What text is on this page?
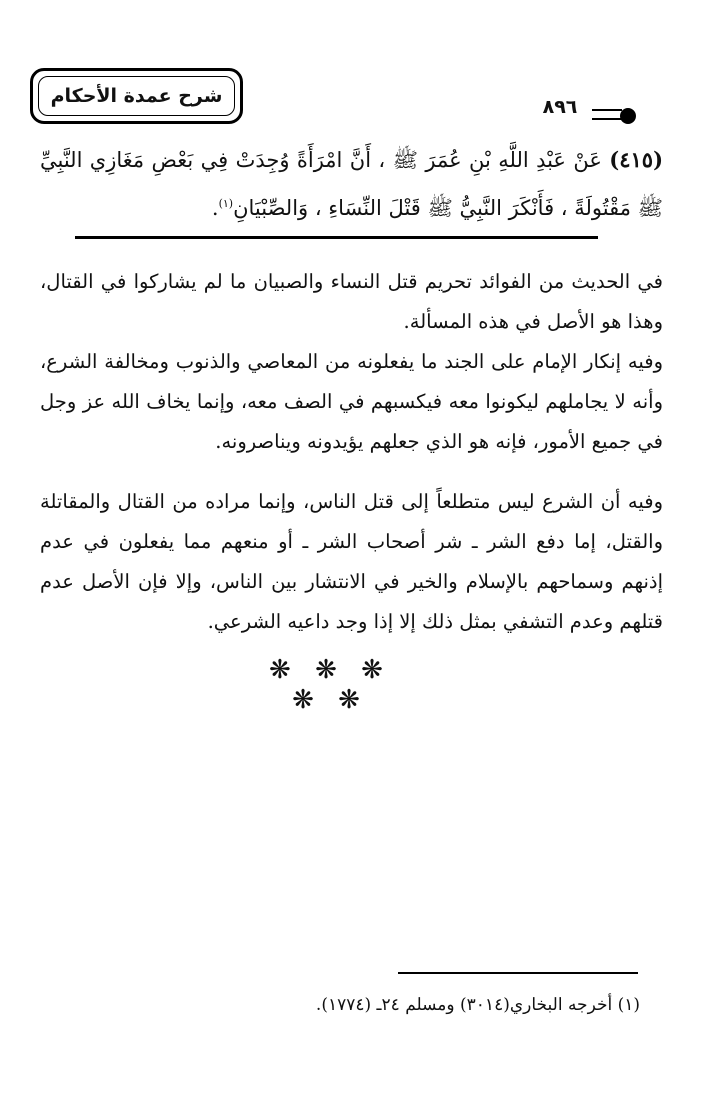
شرح عمدة الأحكام	٨٩٦
(٤١٥) عَنْ عَبْدِ اللَّهِ بْنِ عُمَرَ ﷺ ، أَنَّ امْرَأَةً وُجِدَتْ فِي بَعْضِ مَغَازِي النَّبِيِّ ﷺ مَقْتُولَةً ، فَأَنْكَرَ النَّبِيُّ ﷺ قَتْلَ النِّسَاءِ ، وَالصِّبْيَانِ$^{(١)}$.
في الحديث من الفوائد تحريم قتل النساء والصبيان ما لم يشاركوا في القتال، وهذا هو الأصل في هذه المسألة.
وفيه إنكار الإمام على الجند ما يفعلونه من المعاصي والذنوب ومخالفة الشرع، وأنه لا يجاملهم ليكونوا معه فيكسبهم في الصف معه، وإنما يخاف الله عز وجل في جميع الأمور، فإنه هو الذي جعلهم يؤيدونه ويناصرونه.
وفيه أن الشرع ليس متطلعاً إلى قتل الناس، وإنما مراده من القتال والمقاتلة والقتل، إما دفع الشر ـ شر أصحاب الشر ـ أو منعهم مما يفعلون في عدم إذنهم وسماحهم بالإسلام والخير في الانتشار بين الناس، وإلا فإن الأصل عدم قتلهم وعدم التشفي بمثل ذلك إلا إذا وجد داعيه الشرعي.
❋ ❋ ❋ ❋ ❋
(١) أخرجه البخاري(٣٠١٤) ومسلم ٢٤ـ (١٧٧٤).
